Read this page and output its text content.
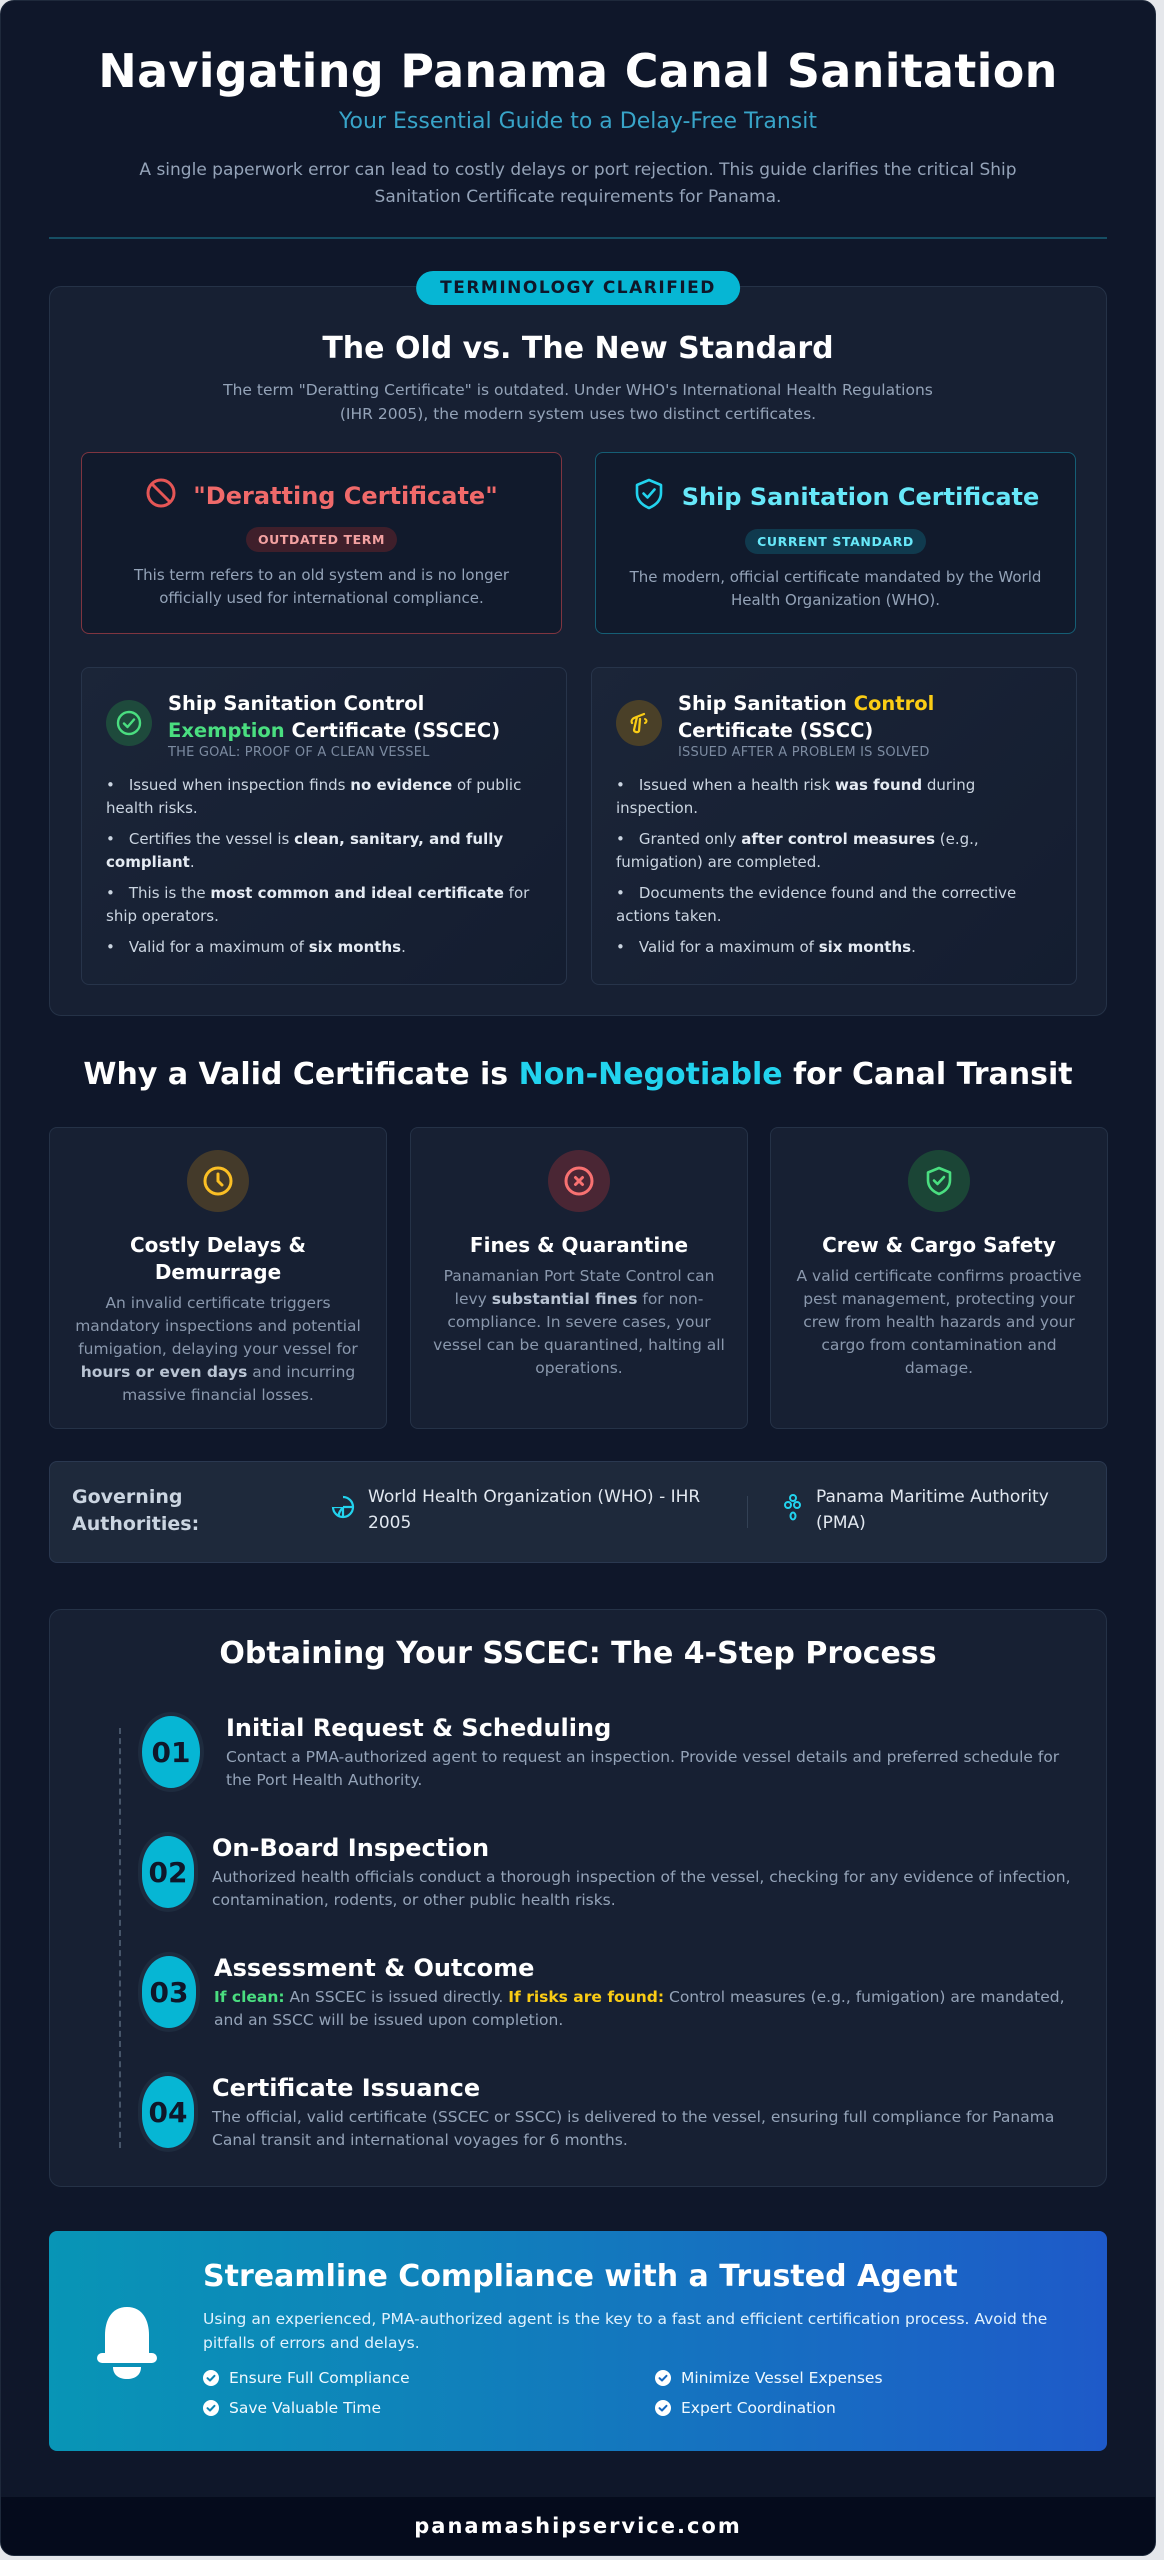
Navigating Panama Canal Sanitation
Your Essential Guide to a Delay-Free Transit
A single paperwork error can lead to costly delays or port rejection. This guide clarifies the critical Ship Sanitation Certificate requirements for Panama.
TERMINOLOGY CLARIFIED
The Old vs. The New Standard

The term "Deratting Certificate" is outdated. Under WHO's International Health Regulations (IHR 2005), the modern system uses two distinct certificates.

"Deratting Certificate"
OUTDATED TERM

This term refers to an old system and is no longer officially used for international compliance.

Ship Sanitation Certificate
CURRENT STANDARD

The modern, official certificate mandated by the World Health Organization (WHO).

Ship Sanitation Control Exemption Certificate (SSCEC)
THE GOAL: PROOF OF A CLEAN VESSEL
• Issued when inspection finds no evidence of public health risks.
• Certifies the vessel is clean, sanitary, and fully compliant.
• This is the most common and ideal certificate for ship operators.
• Valid for a maximum of six months.
Ship Sanitation Control Certificate (SSCC)
ISSUED AFTER A PROBLEM IS SOLVED
• Issued when a health risk was found during inspection.
• Granted only after control measures (e.g., fumigation) are completed.
• Documents the evidence found and the corrective actions taken.
• Valid for a maximum of six months.
Why a Valid Certificate is Non-Negotiable for Canal Transit
Costly Delays & Demurrage

An invalid certificate triggers mandatory inspections and potential fumigation, delaying your vessel for hours or even days and incurring massive financial losses.

Fines & Quarantine

Panamanian Port State Control can levy substantial fines for non-compliance. In severe cases, your vessel can be quarantined, halting all operations.

Crew & Cargo Safety

A valid certificate confirms proactive pest management, protecting your crew from health hazards and your cargo from contamination and damage.

Governing Authorities:
World Health Organization (WHO) - IHR 2005
Panama Maritime Authority (PMA)
Obtaining Your SSCEC: The 4-Step Process
01
Initial Request & Scheduling
Contact a PMA-authorized agent to request an inspection. Provide vessel details and preferred schedule for the Port Health Authority.
02
On-Board Inspection
Authorized health officials conduct a thorough inspection of the vessel, checking for any evidence of infection, contamination, rodents, or other public health risks.
03
Assessment & Outcome
If clean: An SSCEC is issued directly. If risks are found: Control measures (e.g., fumigation) are mandated, and an SSCC will be issued upon completion.
04
Certificate Issuance
The official, valid certificate (SSCEC or SSCC) is delivered to the vessel, ensuring full compliance for Panama Canal transit and international voyages for 6 months.
Streamline Compliance with a Trusted Agent

Using an experienced, PMA-authorized agent is the key to a fast and efficient certification process. Avoid the pitfalls of errors and delays.

Ensure Full Compliance	Minimize Vessel Expenses
Save Valuable Time	Expert Coordination
panamashipservice.com
